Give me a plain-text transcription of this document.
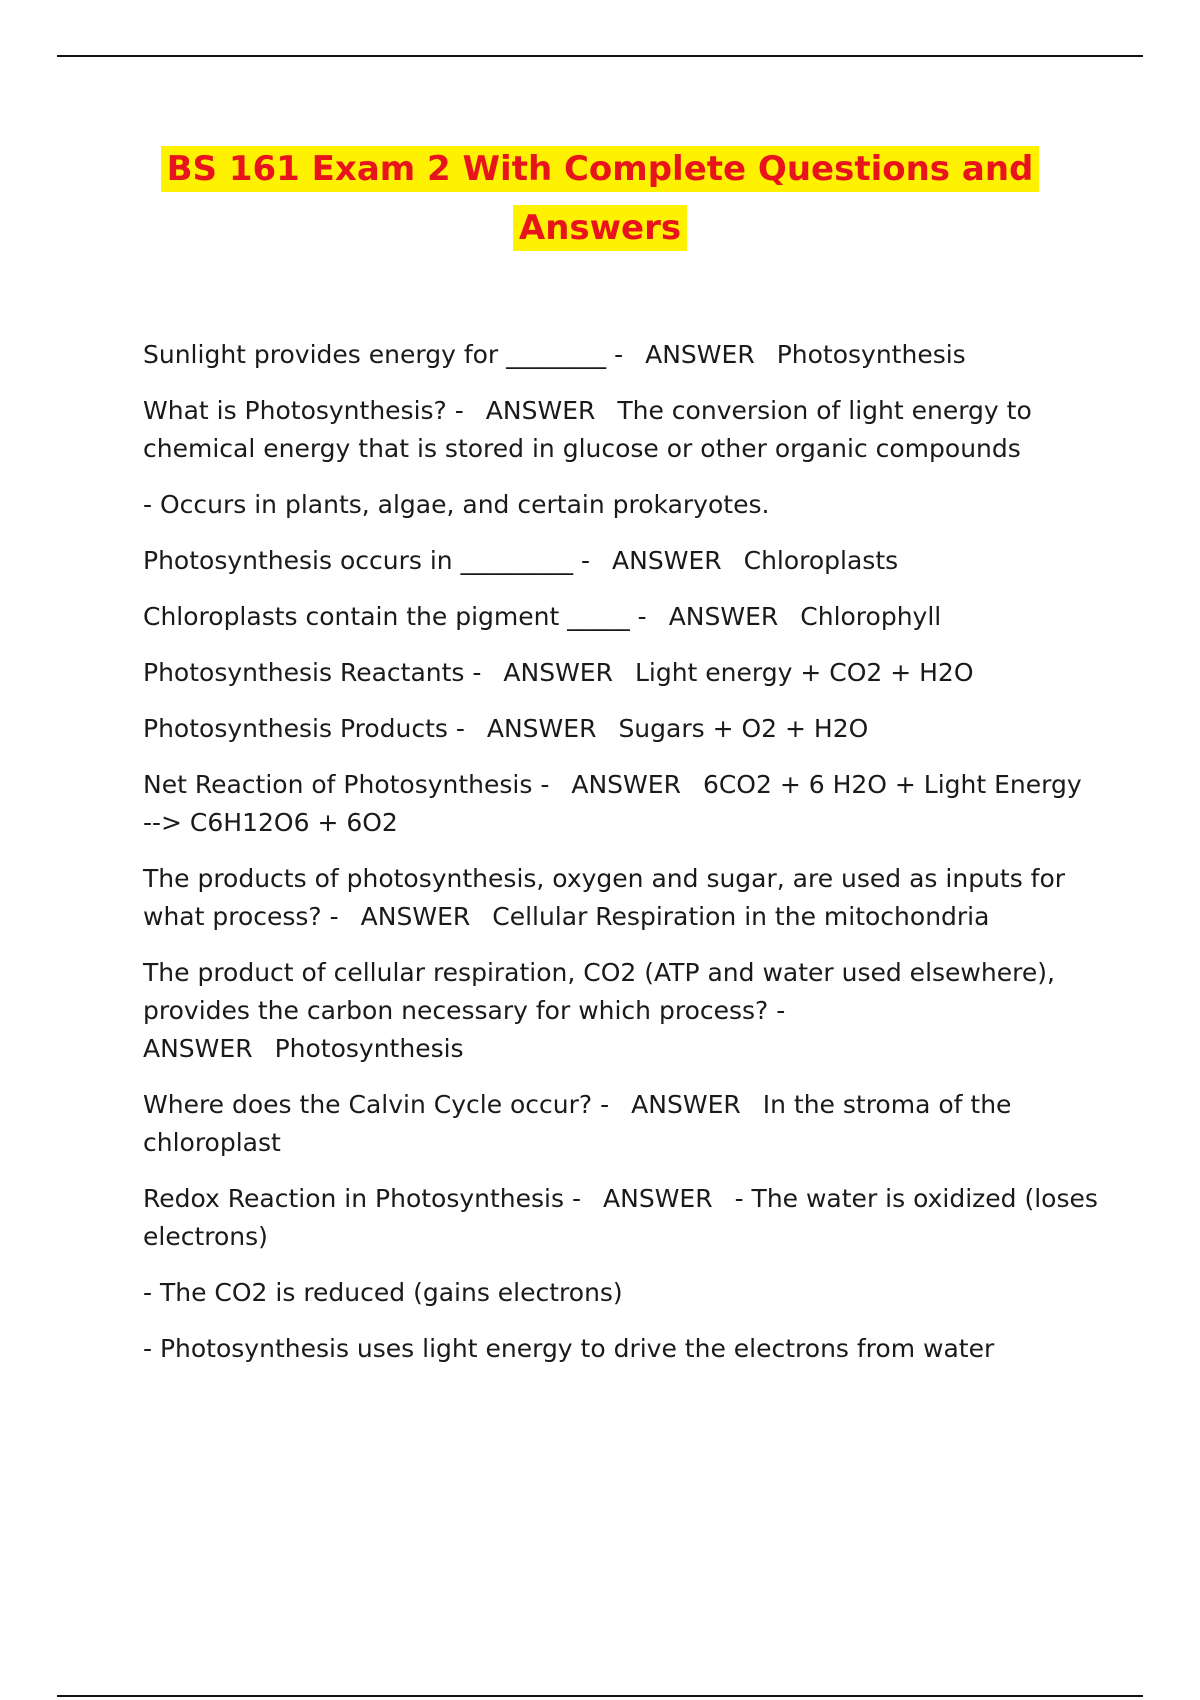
BS 161 Exam 2 With Complete Questions and
Answers

Sunlight provides energy for ________ - ANSWER Photosynthesis

What is Photosynthesis? - ANSWER The conversion of light energy to chemical energy that is stored in glucose or other organic compounds

- Occurs in plants, algae, and certain prokaryotes.

Photosynthesis occurs in _________ - ANSWER Chloroplasts

Chloroplasts contain the pigment _____ - ANSWER Chlorophyll

Photosynthesis Reactants - ANSWER Light energy + CO2 + H2O

Photosynthesis Products - ANSWER Sugars + O2 + H2O

Net Reaction of Photosynthesis - ANSWER 6CO2 + 6 H2O + Light Energy --> C6H12O6 + 6O2

The products of photosynthesis, oxygen and sugar, are used as inputs for what process? - ANSWER Cellular Respiration in the mitochondria

The product of cellular respiration, CO2 (ATP and water used elsewhere), provides the carbon necessary for which process? -
ANSWER Photosynthesis

Where does the Calvin Cycle occur? - ANSWER In the stroma of the chloroplast

Redox Reaction in Photosynthesis - ANSWER - The water is oxidized (loses electrons)

- The CO2 is reduced (gains electrons)

- Photosynthesis uses light energy to drive the electrons from water
